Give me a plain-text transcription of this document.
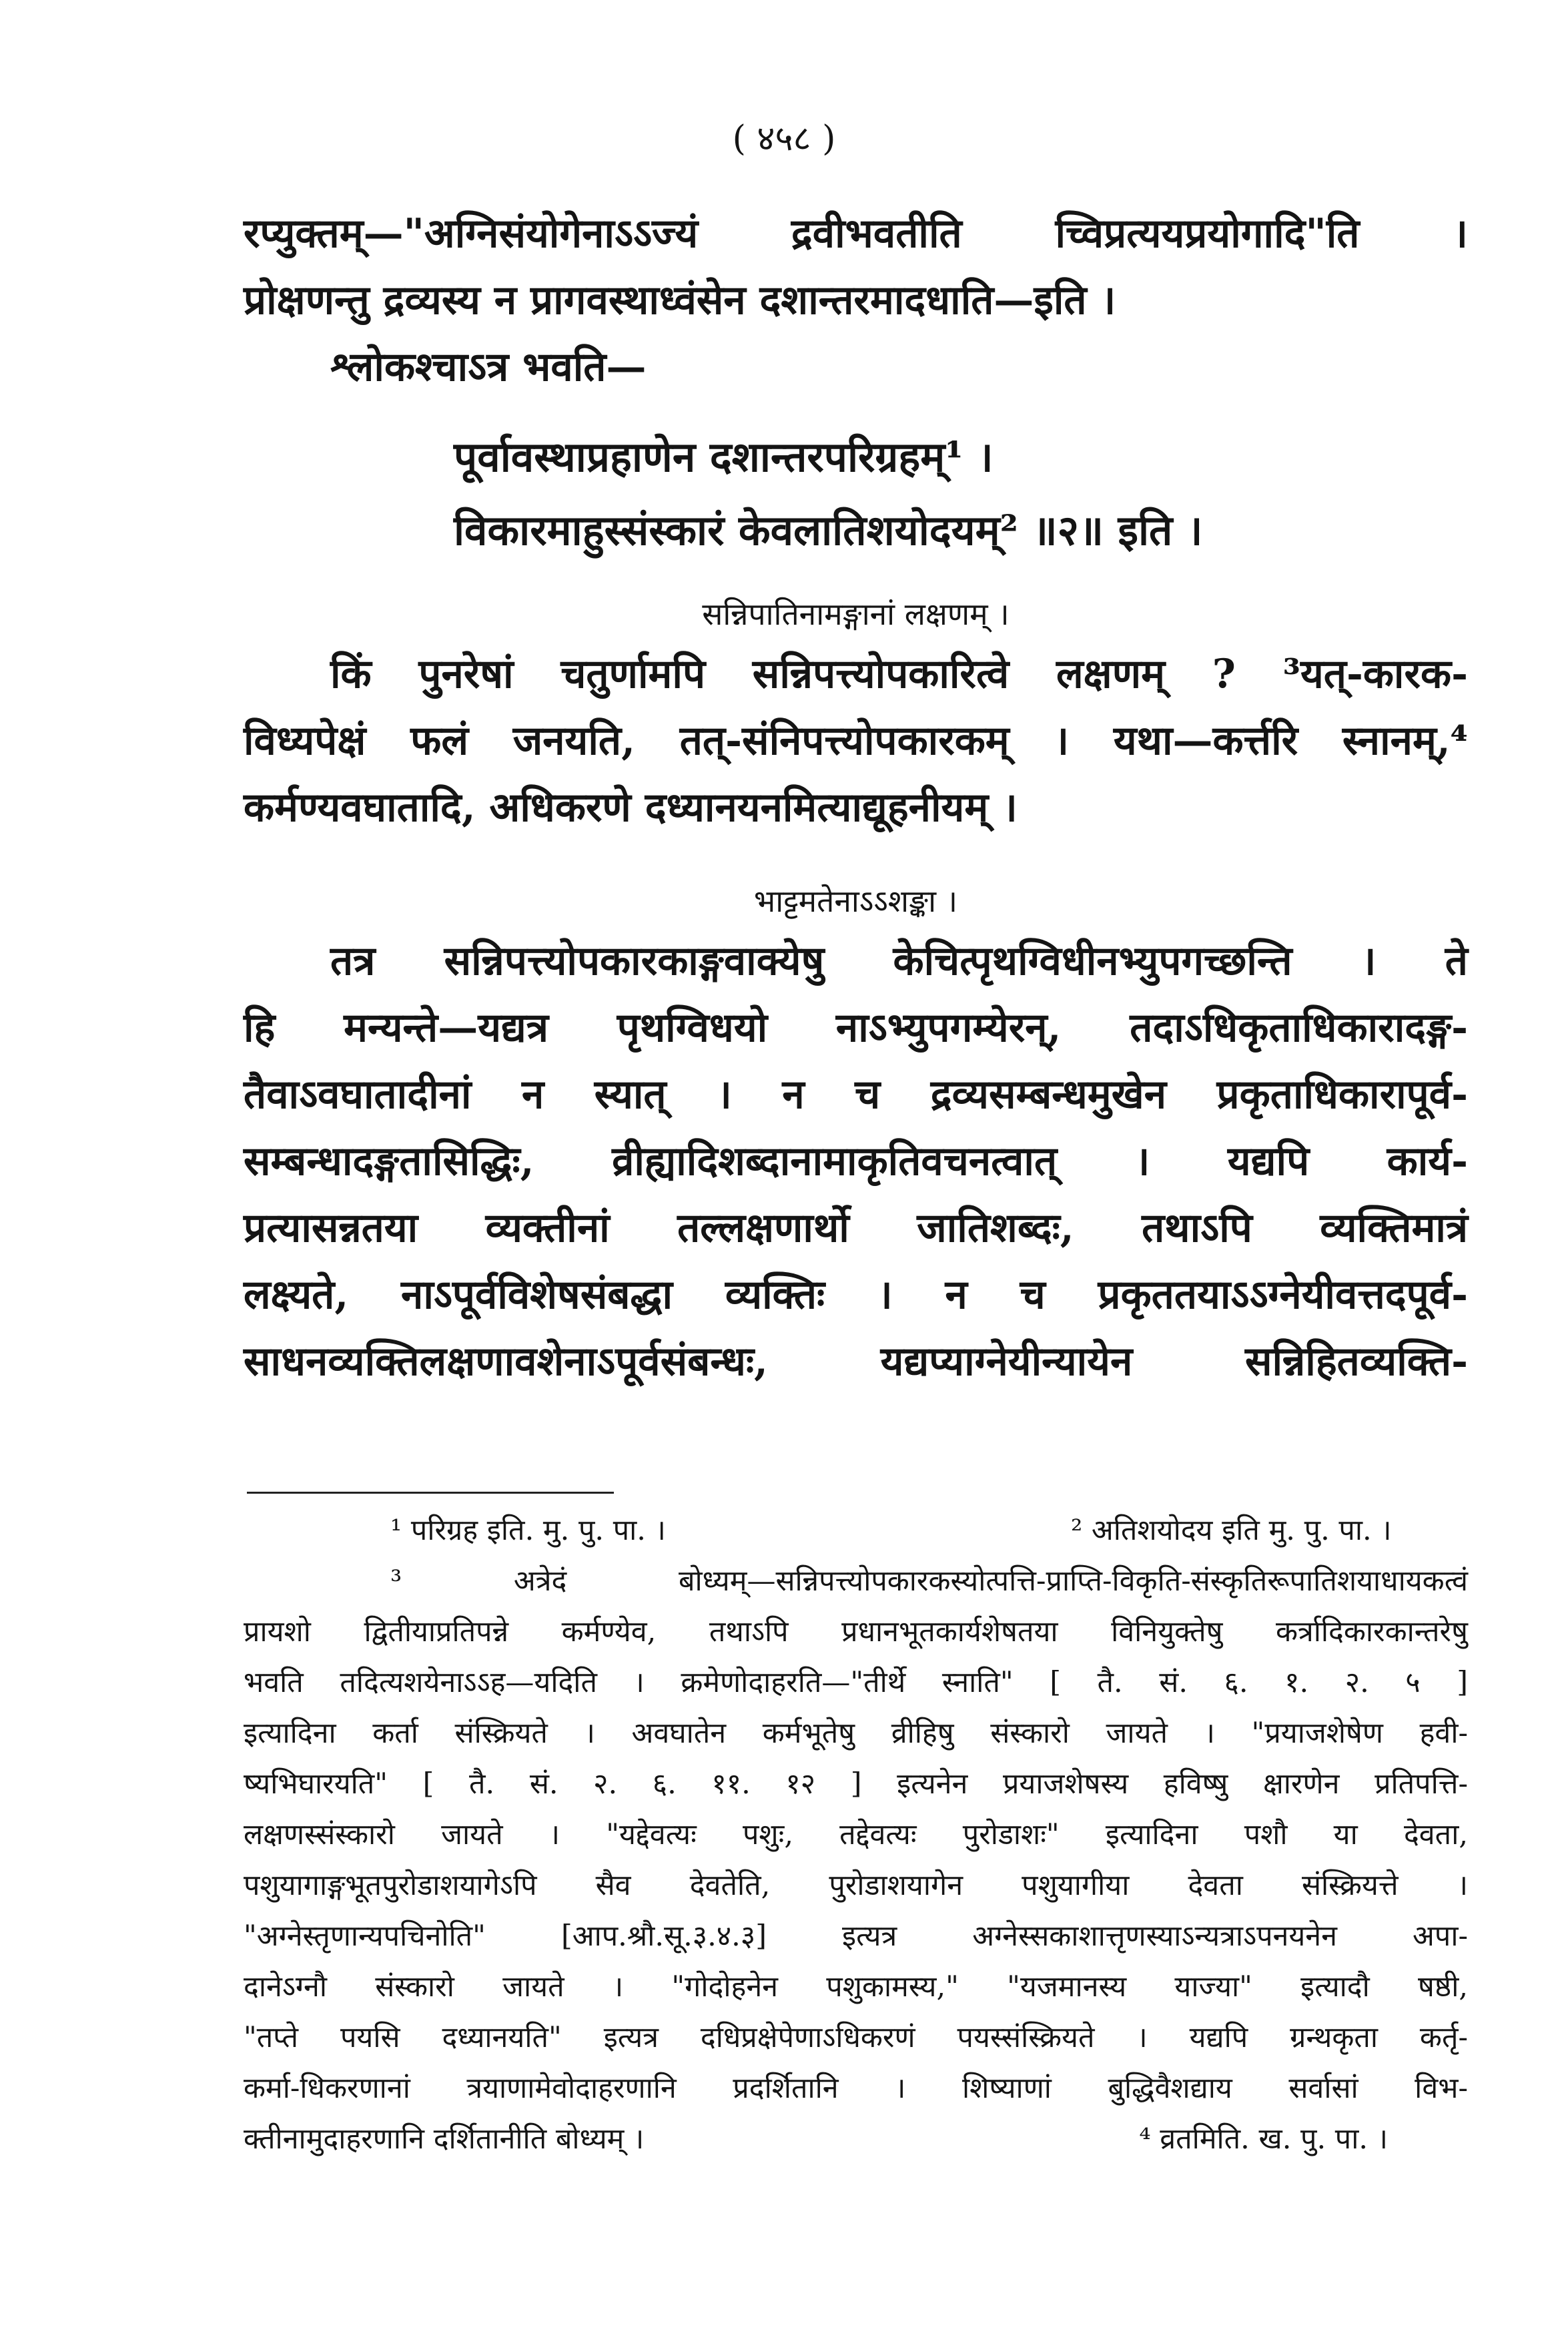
( ४५८ )
रप्युक्तम्—"अग्निसंयोगेनाऽऽज्यं द्रवीभवतीति च्विप्रत्ययप्रयोगादि"ति ।
प्रोक्षणन्तु द्रव्यस्य न प्रागवस्थाध्वंसेन दशान्तरमादधाति—इति ।
श्लोकश्चाऽत्र भवति—
पूर्वावस्थाप्रहाणेन दशान्तरपरिग्रहम्¹ ।
विकारमाहुस्संस्कारं केवलातिशयोदयम्² ॥२॥ इति ।
सन्निपातिनामङ्गानां लक्षणम् ।
किं पुनरेषां चतुर्णामपि सन्निपत्त्योपकारित्वे लक्षणम् ? ³यत्-कारक-
विध्यपेक्षं फलं जनयति, तत्-संनिपत्त्योपकारकम् । यथा—कर्त्तरि स्नानम्,⁴
कर्मण्यवघातादि, अधिकरणे दध्यानयनमित्याद्यूहनीयम् ।
भाट्टमतेनाऽऽशङ्का ।
तत्र सन्निपत्त्योपकारकाङ्गवाक्येषु केचित्पृथग्विधीनभ्युपगच्छन्ति । ते
हि मन्यन्ते—यद्यत्र पृथग्विधयो नाऽभ्युपगम्येरन्, तदाऽधिकृताधिकारादङ्ग-
तैवाऽवघातादीनां न स्यात् । न च द्रव्यसम्बन्धमुखेन प्रकृताधिकारापूर्व-
सम्बन्धादङ्गतासिद्धिः, व्रीह्यादिशब्दानामाकृतिवचनत्वात् । यद्यपि कार्य-
प्रत्यासन्नतया व्यक्तीनां तल्लक्षणार्थो जातिशब्दः, तथाऽपि व्यक्तिमात्रं
लक्ष्यते, नाऽपूर्वविशेषसंबद्धा व्यक्तिः । न च प्रकृततयाऽऽग्नेयीवत्तदपूर्व-
साधनव्यक्तिलक्षणावशेनाऽपूर्वसंबन्धः, यद्यप्याग्नेयीन्यायेन सन्निहितव्यक्ति-
¹ परिग्रह इति. मु. पु. पा. ।	² अतिशयोदय इति मु. पु. पा. ।
³ अत्रेदं बोध्यम्—सन्निपत्त्योपकारकस्योत्पत्ति-प्राप्ति-विकृति-संस्कृतिरूपातिशयाधायकत्वं
प्रायशो द्वितीयाप्रतिपन्ने कर्मण्येव, तथाऽपि प्रधानभूतकार्यशेषतया विनियुक्तेषु कर्त्रादिकारकान्तरेषु
भवति तदित्यशयेनाऽऽह—यदिति । क्रमेणोदाहरति—"तीर्थे स्नाति" [ तै. सं. ६. १. २. ५ ]
इत्यादिना कर्ता संस्क्रियते । अवघातेन कर्मभूतेषु व्रीहिषु संस्कारो जायते । "प्रयाजशेषेण हवी-
ष्यभिघारयति" [ तै. सं. २. ६. ११. १२ ] इत्यनेन प्रयाजशेषस्य हविष्षु क्षारणेन प्रतिपत्ति-
लक्षणस्संस्कारो जायते । "यद्देवत्यः पशुः, तद्देवत्यः पुरोडाशः" इत्यादिना पशौ या देवता,
पशुयागाङ्गभूतपुरोडाशयागेऽपि सैव देवतेति, पुरोडाशयागेन पशुयागीया देवता संस्क्रियत्ते ।
"अग्नेस्तृणान्यपचिनोति" [आप.श्रौ.सू.३.४.३] इत्यत्र अग्नेस्सकाशात्तृणस्याऽन्यत्राऽपनयनेन अपा-
दानेऽग्नौ संस्कारो जायते । "गोदोहनेन पशुकामस्य," "यजमानस्य याज्या" इत्यादौ षष्ठी,
"तप्ते पयसि दध्यानयति" इत्यत्र दधिप्रक्षेपेणाऽधिकरणं पयस्संस्क्रियते । यद्यपि ग्रन्थकृता कर्तृ-
कर्मा-धिकरणानां त्रयाणामेवोदाहरणानि प्रदर्शितानि । शिष्याणां बुद्धिवैशद्याय सर्वासां विभ-
क्तीनामुदाहरणानि दर्शितानीति बोध्यम् ।	⁴ व्रतमिति. ख. पु. पा. ।
